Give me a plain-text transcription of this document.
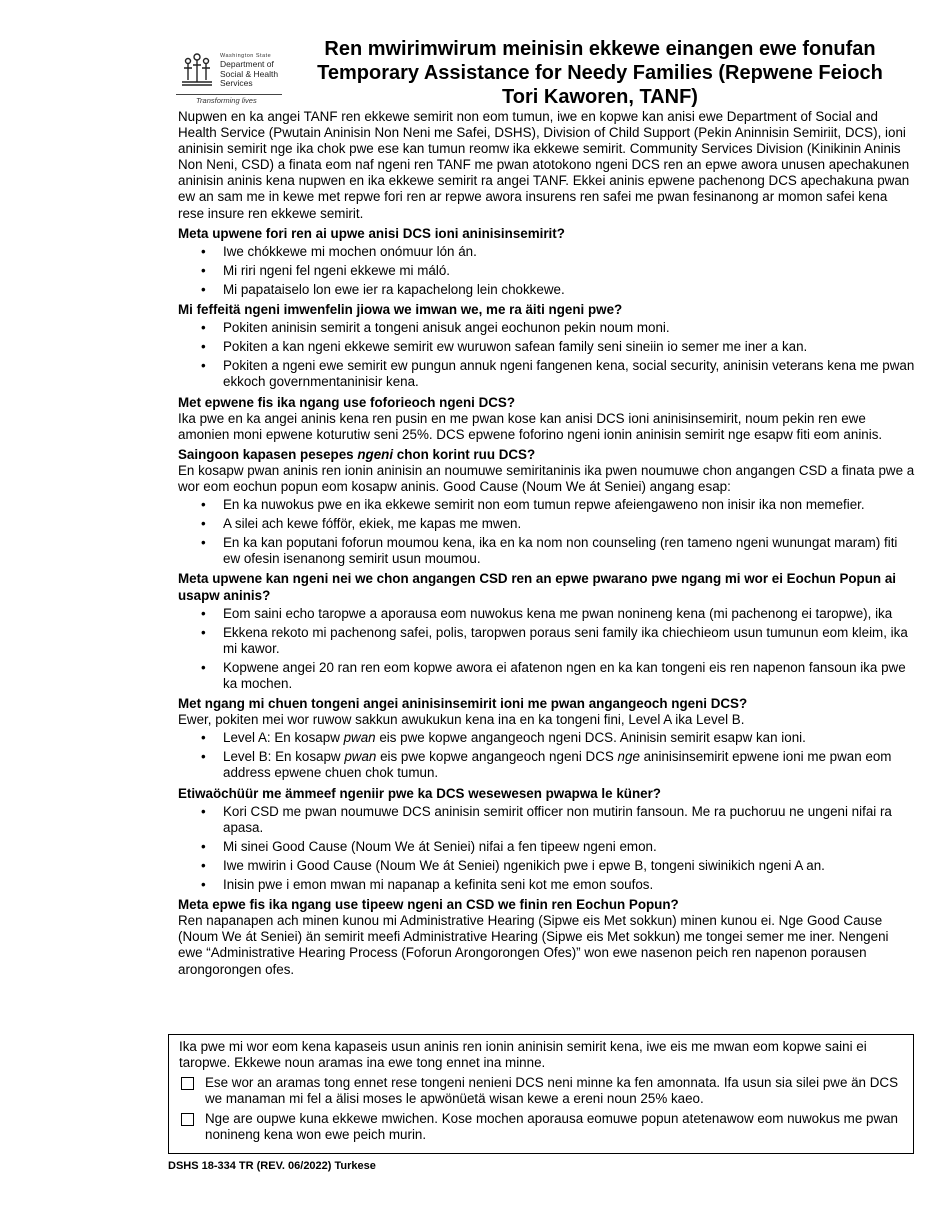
Washington State
Department of Social & Health Services
Transforming lives
Ren mwirimwirum meinisin ekkewe einangen ewe fonufan Temporary Assistance for Needy Families (Repwene Feioch Tori Kaworen, TANF)

Nupwen en ka angei TANF ren ekkewe semirit non eom tumun, iwe en kopwe kan anisi ewe Department of Social and Health Service (Pwutain Aninisin Non Neni me Safei, DSHS), Division of Child Support (Pekin Aninnisin Semiriit, DCS), ioni aninisin semirit nge ika chok pwe ese kan tumun reomw ika ekkewe semirit. Community Services Division (Kinikinin Aninis Non Neni, CSD) a finata eom naf ngeni ren TANF me pwan atotokono ngeni DCS ren an epwe awora unusen apechakunen aninisin aninis kena nupwen en ika ekkewe semirit ra angei TANF. Ekkei aninis epwene pachenong DCS apechakuna pwan ew an sam me in kewe met repwe fori ren ar repwe awora insurens ren safei me pwan fesinanong ar momon safei kena rese insure ren ekkewe semirit.

Meta upwene fori ren ai upwe anisi DCS ioni aninisinsemirit?

• Iwe chókkewe mi mochen onómuur lón án.
• Mi riri ngeni fel ngeni ekkewe mi máló.
• Mi papataiselo lon ewe ier ra kapachelong lein chokkewe.

Mi feffeitä ngeni imwenfelin jiowa we imwan we, me ra äiti ngeni pwe?

• Pokiten aninisin semirit a tongeni anisuk angei eochunon pekin noum moni.
• Pokiten a kan ngeni ekkewe semirit ew wuruwon safean family seni sineiin io semer me iner a kan.
• Pokiten a ngeni ewe semirit ew pungun annuk ngeni fangenen kena, social security, aninisin veterans kena me pwan ekkoch governmentaninisir kena.

Met epwene fis ika ngang use foforieoch ngeni DCS?

Ika pwe en ka angei aninis kena ren pusin en me pwan kose kan anisi DCS ioni aninisinsemirit, noum pekin ren ewe amonien moni epwene koturutiw seni 25%. DCS epwene foforino ngeni ionin aninisin semirit nge esapw fiti eom aninis.

Saingoon kapasen pesepes ngeni chon korint ruu DCS?

En kosapw pwan aninis ren ionin aninisin an noumuwe semiritaninis ika pwen noumuwe chon angangen CSD a finata pwe a wor eom eochun popun eom kosapw aninis. Good Cause (Noum We át Seniei) angang esap:

• En ka nuwokus pwe en ika ekkewe semirit non eom tumun repwe afeiengaweno non inisir ika non memefier.
• A silei ach kewe fófför, ekiek, me kapas me mwen.
• En ka kan poputani foforun moumou kena, ika en ka nom non counseling (ren tameno ngeni wunungat maram) fiti ew ofesin isenanong semirit usun moumou.

Meta upwene kan ngeni nei we chon angangen CSD ren an epwe pwarano pwe ngang mi wor ei Eochun Popun ai usapw aninis?

• Eom saini echo taropwe a aporausa eom nuwokus kena me pwan nonineng kena (mi pachenong ei taropwe), ika
• Ekkena rekoto mi pachenong safei, polis, taropwen poraus seni family ika chiechieom usun tumunun eom kleim, ika mi kawor.
• Kopwene angei 20 ran ren eom kopwe awora ei afatenon ngen en ka kan tongeni eis ren napenon fansoun ika pwe ka mochen.

Met ngang mi chuen tongeni angei aninisinsemirit ioni me pwan angangeoch ngeni DCS?

Ewer, pokiten mei wor ruwow sakkun awukukun kena ina en ka tongeni fini, Level A ika Level B.

• Level A: En kosapw pwan eis pwe kopwe angangeoch ngeni DCS. Aninisin semirit esapw kan ioni.
• Level B: En kosapw pwan eis pwe kopwe angangeoch ngeni DCS nge aninisinsemirit epwene ioni me pwan eom address epwene chuen chok tumun.

Etiwaöchüür me ämmeef ngeniir pwe ka DCS wesewesen pwapwa le küner?

• Kori CSD me pwan noumuwe DCS aninisin semirit officer non mutirin fansoun. Me ra puchoruu ne ungeni nifai ra apasa.
• Mi sinei Good Cause (Noum We át Seniei) nifai a fen tipeew ngeni emon.
• Iwe mwirin i Good Cause (Noum We át Seniei) ngenikich pwe i epwe B, tongeni siwinikich ngeni A an.
• Inisin pwe i emon mwan mi napanap a kefinita seni kot me emon soufos.

Meta epwe fis ika ngang use tipeew ngeni an CSD we finin ren Eochun Popun?

Ren napanapen ach minen kunou mi Administrative Hearing (Sipwe eis Met sokkun) minen kunou ei. Nge Good Cause (Noum We át Seniei) än semirit meefi Administrative Hearing (Sipwe eis Met sokkun) me tongei semer me iner. Nengeni ewe “Administrative Hearing Process (Foforun Arongorongen Ofes)” won ewe nasenon peich ren napenon porausen arongorongen ofes.

Ika pwe mi wor eom kena kapaseis usun aninis ren ionin aninisin semirit kena, iwe eis me mwan eom kopwe saini ei taropwe. Ekkewe noun aramas ina ewe tong ennet ina minne.
Ese wor an aramas tong ennet rese tongeni nenieni DCS neni minne ka fen amonnata. Ifa usun sia silei pwe än DCS we manaman mi fel a älisi moses le apwönüetä wisan kewe a ereni noun 25% kaeo.
Nge are oupwe kuna ekkewe mwichen. Kose mochen aporausa eomuwe popun atetenawow eom nuwokus me pwan nonineng kena won ewe peich murin.
DSHS 18-334 TR (REV. 06/2022) Turkese
